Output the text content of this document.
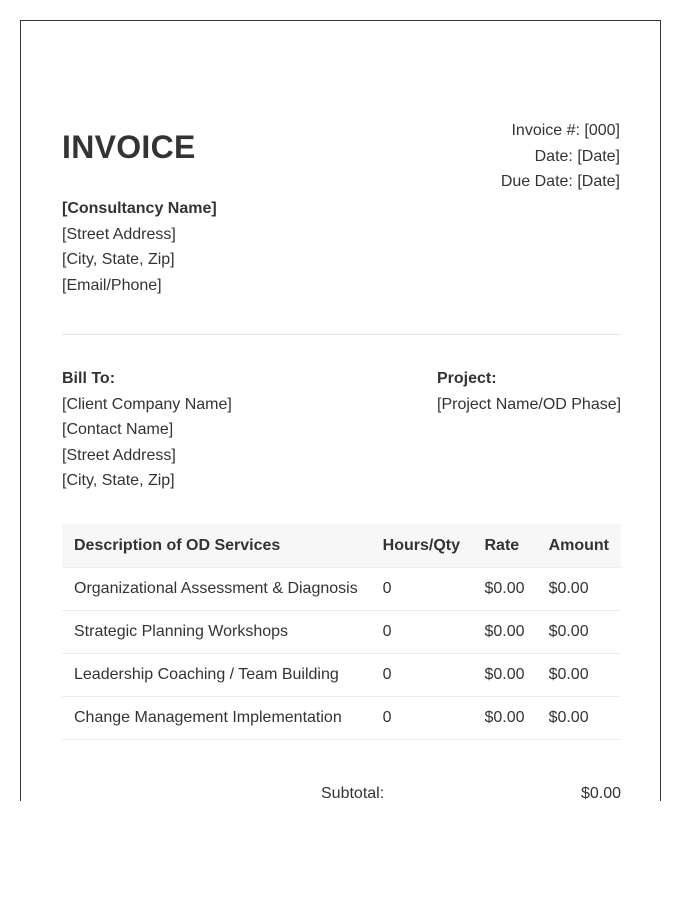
INVOICE	Invoice #: [000]
Date: [Date]
Due Date: [Date]
[Consultancy Name]
[Street Address]
[City, State, Zip]
[Email/Phone]
Bill To:
[Client Company Name]
[Contact Name]
[Street Address]
[City, State, Zip]
Project:
[Project Name/OD Phase]
Description of OD Services	Hours/Qty	Rate	Amount
Organizational Assessment & Diagnosis	0	$0.00	$0.00
Strategic Planning Workshops	0	$0.00	$0.00
Leadership Coaching / Team Building	0	$0.00	$0.00
Change Management Implementation	0	$0.00	$0.00
Subtotal:	$0.00
